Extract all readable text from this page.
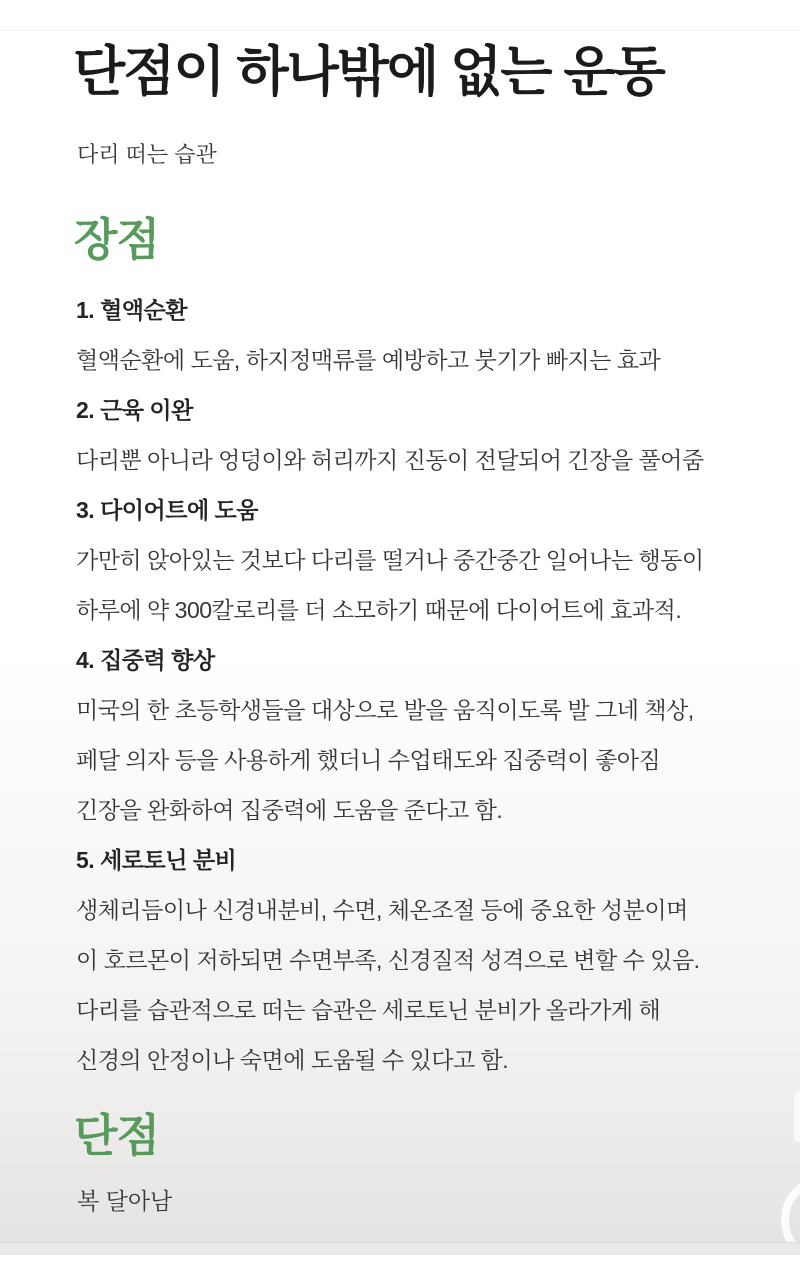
단점이 하나밖에 없는 운동

다리 떠는 습관

장점

1. 혈액순환

혈액순환에 도움, 하지정맥류를 예방하고 붓기가 빠지는 효과

2. 근육 이완

다리뿐 아니라 엉덩이와 허리까지 진동이 전달되어 긴장을 풀어줌

3. 다이어트에 도움

가만히 앉아있는 것보다 다리를 떨거나 중간중간 일어나는 행동이

하루에 약 300칼로리를 더 소모하기 때문에 다이어트에 효과적.

4. 집중력 향상

미국의 한 초등학생들을 대상으로 발을 움직이도록 발 그네 책상,

페달 의자 등을 사용하게 했더니 수업태도와 집중력이 좋아짐

긴장을 완화하여 집중력에 도움을 준다고 함.

5. 세로토닌 분비

생체리듬이나 신경내분비, 수면, 체온조절 등에 중요한 성분이며

이 호르몬이 저하되면 수면부족, 신경질적 성격으로 변할 수 있음.

다리를 습관적으로 떠는 습관은 세로토닌 분비가 올라가게 해

신경의 안정이나 숙면에 도움될 수 있다고 함.

단점

복 달아남
